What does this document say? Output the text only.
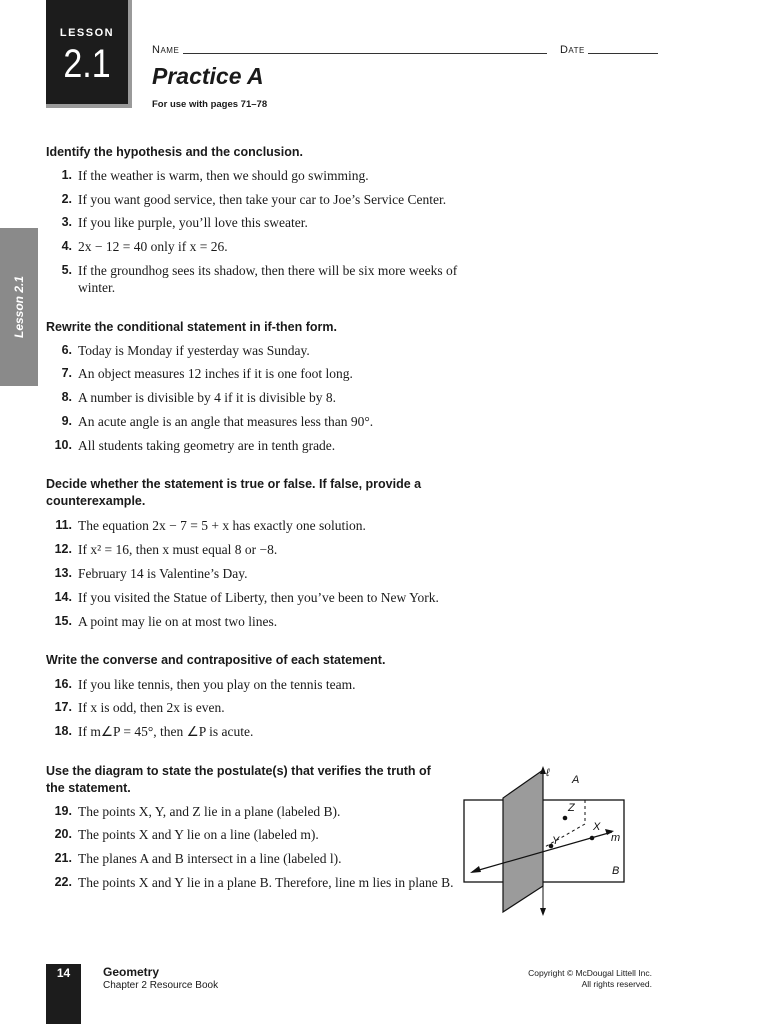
LESSON
2.1	Name	Date
Practice A
For use with pages 71–78
Lesson 2.1
Identify the hypothesis and the conclusion.
1. If the weather is warm, then we should go swimming.
2. If you want good service, then take your car to Joe’s Service Center.
3. If you like purple, you’ll love this sweater.
4. 2x − 12 = 40 only if x = 26.
5. If the groundhog sees its shadow, then there will be six more weeks of winter.
Rewrite the conditional statement in if-then form.
6. Today is Monday if yesterday was Sunday.
7. An object measures 12 inches if it is one foot long.
8. A number is divisible by 4 if it is divisible by 8.
9. An acute angle is an angle that measures less than 90°.
10. All students taking geometry are in tenth grade.
Decide whether the statement is true or false. If false, provide a counterexample.
11. The equation 2x − 7 = 5 + x has exactly one solution.
12. If x² = 16, then x must equal 8 or −8.
13. February 14 is Valentine’s Day.
14. If you visited the Statue of Liberty, then you’ve been to New York.
15. A point may lie on at most two lines.
Write the converse and contrapositive of each statement.
16. If you like tennis, then you play on the tennis team.
17. If x is odd, then 2x is even.
18. If m∠P = 45°, then ∠P is acute.
Use the diagram to state the postulate(s) that verifies the truth of the statement.
19. The points X, Y, and Z lie in a plane (labeled B).
20. The points X and Y lie on a line (labeled m).
21. The planes A and B intersect in a line (labeled l).
22. The points X and Y lie in a plane B. Therefore, line m lies in plane B.
ℓ
A
Z
X
Y	m
B
14	Geometry
Chapter 2 Resource Book
Copyright © McDougal Littell Inc.
All rights reserved.
